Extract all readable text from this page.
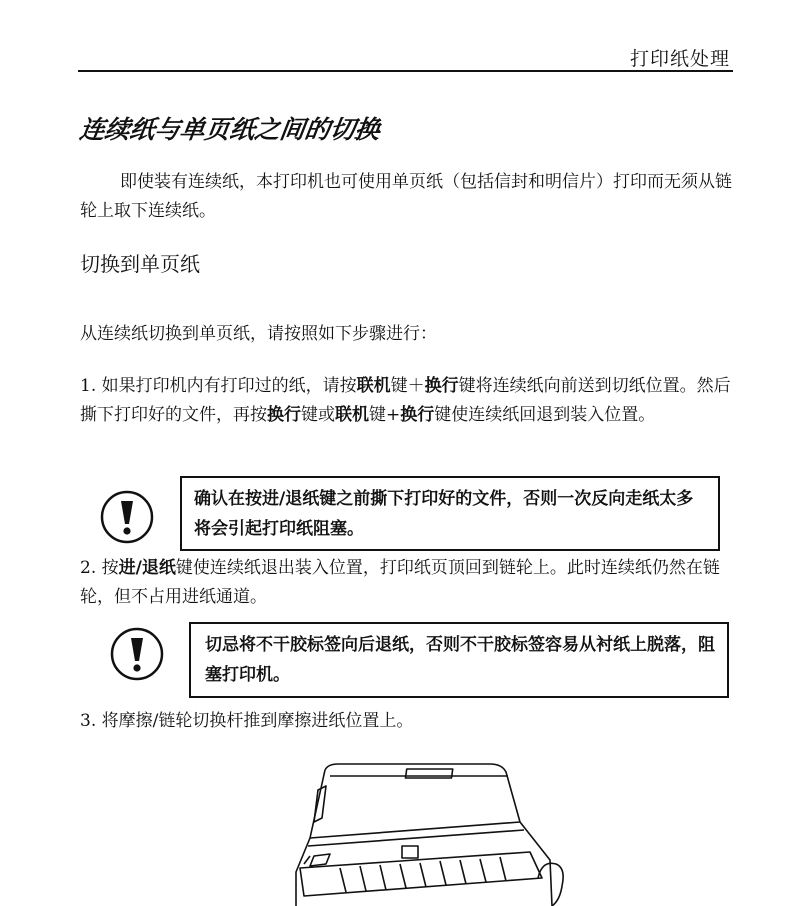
打印纸处理
连续纸与单页纸之间的切换

即使装有连续纸，本打印机也可使用单页纸（包括信封和明信片）打印而无须从链轮上取下连续纸。

切换到单页纸

从连续纸切换到单页纸，请按照如下步骤进行：

1. 如果打印机内有打印过的纸，请按联机键＋换行键将连续纸向前送到切纸位置。然后撕下打印好的文件，再按换行键或联机键+换行键使连续纸回退到装入位置。

确认在按进/退纸键之前撕下打印好的文件，否则一次反向走纸太多将会引起打印纸阻塞。

2. 按进/退纸键使连续纸退出装入位置，打印纸页顶回到链轮上。此时连续纸仍然在链轮，但不占用进纸通道。

切忌将不干胶标签向后退纸，否则不干胶标签容易从衬纸上脱落，阻塞打印机。

3. 将摩擦/链轮切换杆推到摩擦进纸位置上。
